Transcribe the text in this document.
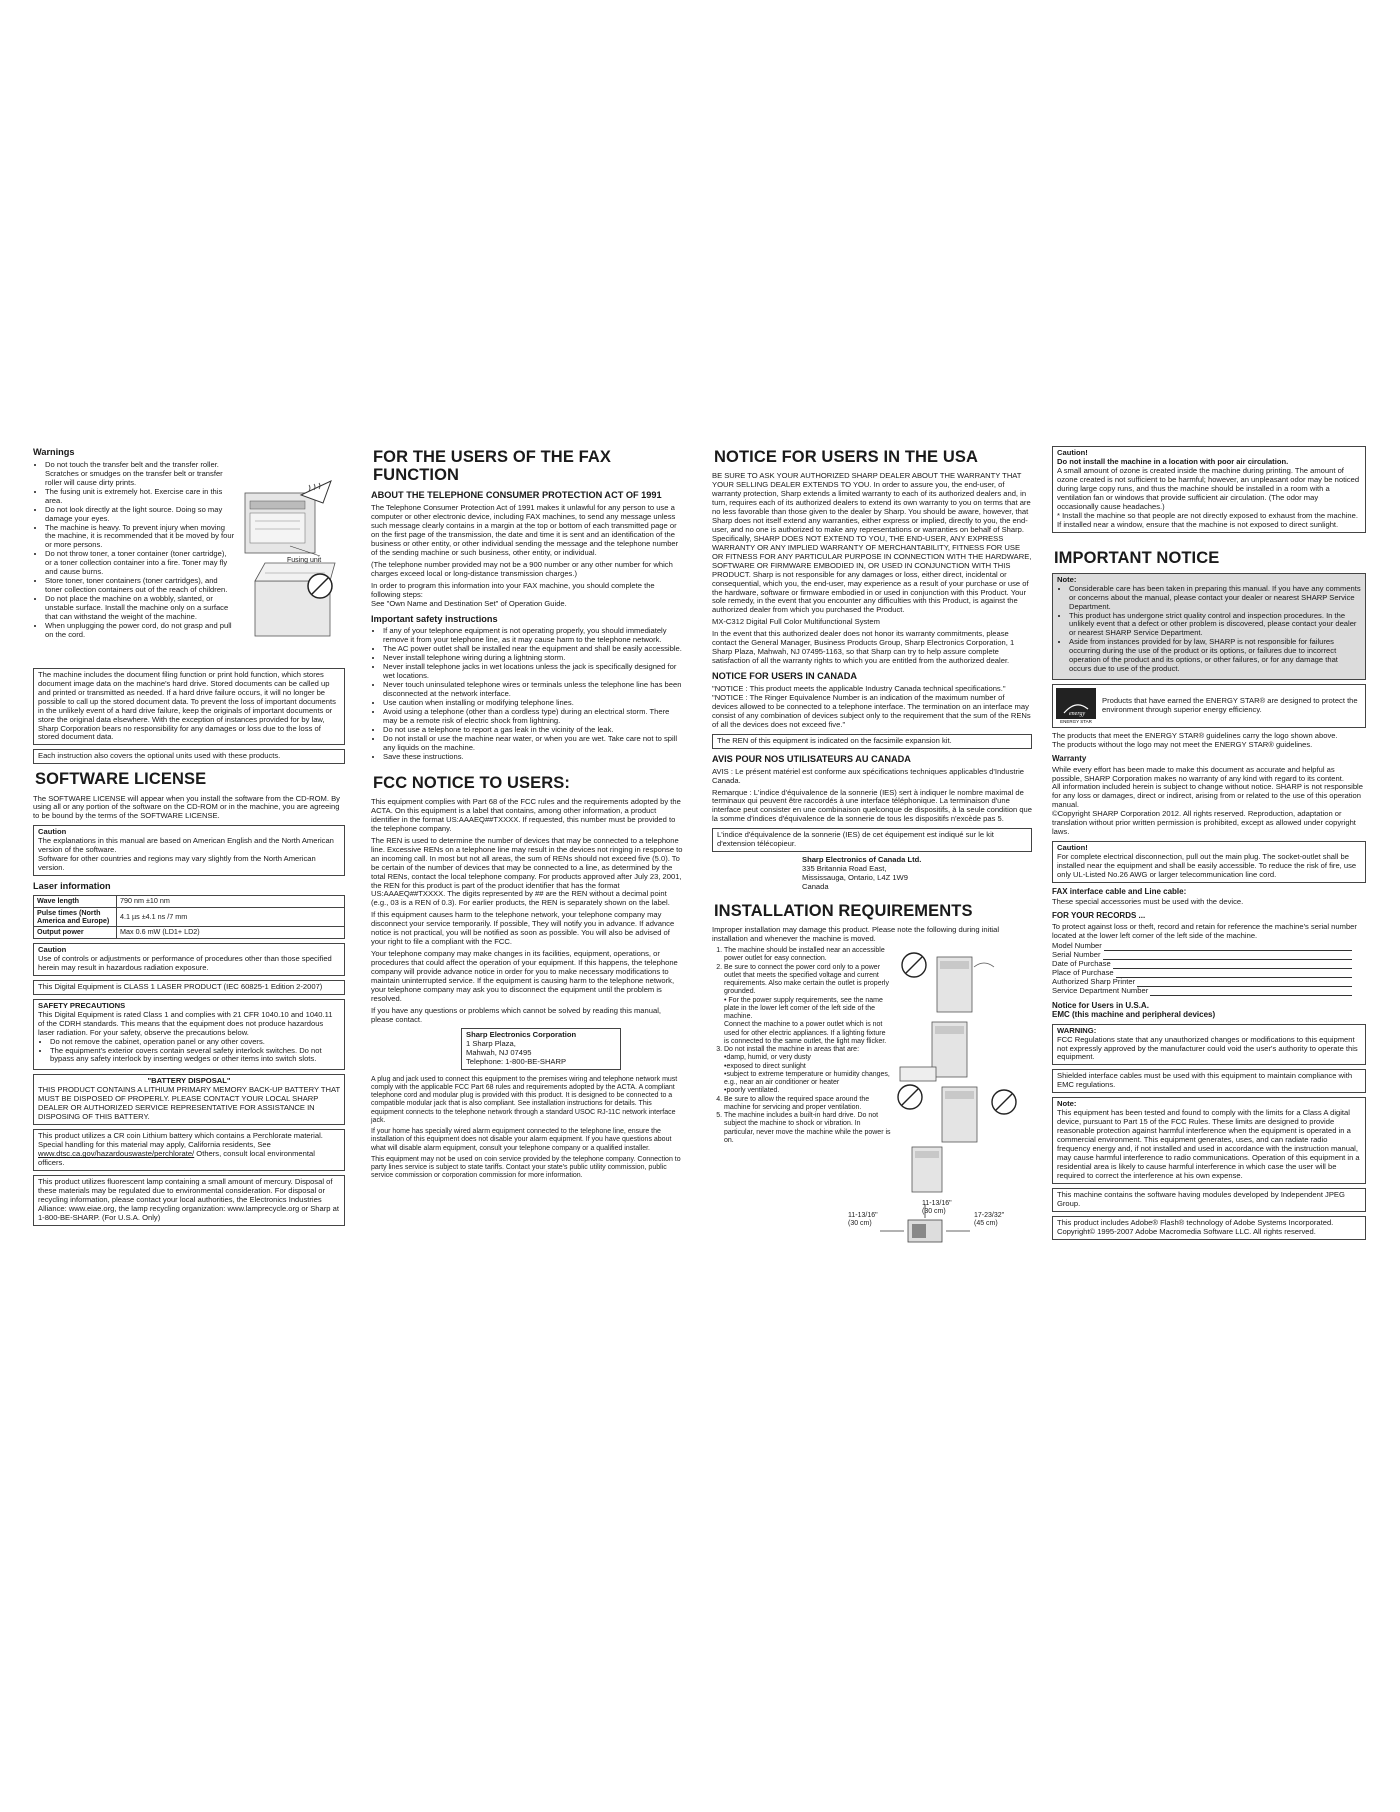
Warnings
• Do not touch the transfer belt and the transfer roller. Scratches or smudges on the transfer belt or transfer roller will cause dirty prints.
• The fusing unit is extremely hot. Exercise care in this area.
• Do not look directly at the light source. Doing so may damage your eyes.
• The machine is heavy. To prevent injury when moving the machine, it is recommended that it be moved by four or more persons.
• Do not throw toner, a toner container (toner cartridge), or a toner collection container into a fire. Toner may fly and cause burns.
• Store toner, toner containers (toner cartridges), and toner collection containers out of the reach of children.
• Do not place the machine on a wobbly, slanted, or unstable surface. Install the machine only on a surface that can withstand the weight of the machine.
• When unplugging the power cord, do not grasp and pull on the cord.
Fusing unit
The machine includes the document filing function or print hold function, which stores document image data on the machine's hard drive. Stored documents can be called up and printed or transmitted as needed. If a hard drive failure occurs, it will no longer be possible to call up the stored document data. To prevent the loss of important documents in the unlikely event of a hard drive failure, keep the originals of important documents or store the original data elsewhere. With the exception of instances provided for by law, Sharp Corporation bears no responsibility for any damages or loss due to the loss of stored document data.
Each instruction also covers the optional units used with these products.
SOFTWARE LICENSE

The SOFTWARE LICENSE will appear when you install the software from the CD-ROM. By using all or any portion of the software on the CD-ROM or in the machine, you are agreeing to be bound by the terms of the SOFTWARE LICENSE.

Caution
The explanations in this manual are based on American English and the North American version of the software.
Software for other countries and regions may vary slightly from the North American version.
Laser information
Wave length	790 nm ±10 nm
Pulse times (North America and Europe)	4.1 µs ±4.1 ns /7 mm
Output power	Max 0.6 mW (LD1+ LD2)
Caution
Use of controls or adjustments or performance of procedures other than those specified herein may result in hazardous radiation exposure.
This Digital Equipment is CLASS 1 LASER PRODUCT (IEC 60825-1 Edition 2-2007)
SAFETY PRECAUTIONS
This Digital Equipment is rated Class 1 and complies with 21 CFR 1040.10 and 1040.11 of the CDRH standards. This means that the equipment does not produce hazardous laser radiation. For your safety, observe the precautions below.
• Do not remove the cabinet, operation panel or any other covers.
• The equipment's exterior covers contain several safety interlock switches. Do not bypass any safety interlock by inserting wedges or other items into switch slots.
"BATTERY DISPOSAL"
THIS PRODUCT CONTAINS A LITHIUM PRIMARY MEMORY BACK-UP BATTERY THAT MUST BE DISPOSED OF PROPERLY. PLEASE CONTACT YOUR LOCAL SHARP DEALER OR AUTHORIZED SERVICE REPRESENTATIVE FOR ASSISTANCE IN DISPOSING OF THIS BATTERY.
This product utilizes a CR coin Lithium battery which contains a Perchlorate material. Special handling for this material may apply, California residents, See www.dtsc.ca.gov/hazardouswaste/perchlorate/ Others, consult local environmental officers.
This product utilizes fluorescent lamp containing a small amount of mercury. Disposal of these materials may be regulated due to environmental consideration. For disposal or recycling information, please contact your local authorities, the Electronics Industries Alliance: www.eiae.org, the lamp recycling organization: www.lamprecycle.org or Sharp at 1-800-BE-SHARP. (For U.S.A. Only)
FOR THE USERS OF THE FAX FUNCTION
ABOUT THE TELEPHONE CONSUMER PROTECTION ACT OF 1991

The Telephone Consumer Protection Act of 1991 makes it unlawful for any person to use a computer or other electronic device, including FAX machines, to send any message unless such message clearly contains in a margin at the top or bottom of each transmitted page or on the first page of the transmission, the date and time it is sent and an identification of the business or other entity, or other individual sending the message and the telephone number of the sending machine or such business, other entity, or individual.

(The telephone number provided may not be a 900 number or any other number for which charges exceed local or long-distance transmission charges.)

In order to program this information into your FAX machine, you should complete the following steps:

See "Own Name and Destination Set" of Operation Guide.

Important safety instructions
• If any of your telephone equipment is not operating properly, you should immediately remove it from your telephone line, as it may cause harm to the telephone network.
• The AC power outlet shall be installed near the equipment and shall be easily accessible.
• Never install telephone wiring during a lightning storm.
• Never install telephone jacks in wet locations unless the jack is specifically designed for wet locations.
• Never touch uninsulated telephone wires or terminals unless the telephone line has been disconnected at the network interface.
• Use caution when installing or modifying telephone lines.
• Avoid using a telephone (other than a cordless type) during an electrical storm. There may be a remote risk of electric shock from lightning.
• Do not use a telephone to report a gas leak in the vicinity of the leak.
• Do not install or use the machine near water, or when you are wet. Take care not to spill any liquids on the machine.
• Save these instructions.
FCC NOTICE TO USERS:

This equipment complies with Part 68 of the FCC rules and the requirements adopted by the ACTA. On this equipment is a label that contains, among other information, a product identifier in the format US:AAAEQ##TXXXX. If requested, this number must be provided to the telephone company.

The REN is used to determine the number of devices that may be connected to a telephone line. Excessive RENs on a telephone line may result in the devices not ringing in response to an incoming call. In most but not all areas, the sum of RENs should not exceed five (5.0). To be certain of the number of devices that may be connected to a line, as determined by the total RENs, contact the local telephone company. For products approved after July 23, 2001, the REN for this product is part of the product identifier that has the format US:AAAEQ##TXXXX. The digits represented by ## are the REN without a decimal point (e.g., 03 is a REN of 0.3). For earlier products, the REN is separately shown on the label.

If this equipment causes harm to the telephone network, your telephone company may disconnect your service temporarily. If possible, They will notify you in advance. If advance notice is not practical, you will be notified as soon as possible. You will also be advised of your right to file a compliant with the FCC.

Your telephone company may make changes in its facilities, equipment, operations, or procedures that could affect the operation of your equipment. If this happens, the telephone company will provide advance notice in order for you to make necessary modifications to maintain uninterrupted service. If the equipment is causing harm to the telephone network, your telephone company may ask you to disconnect the equipment until the problem is resolved.

If you have any questions or problems which cannot be solved by reading this manual, please contact.

Sharp Electronics Corporation
1 Sharp Plaza,
Mahwah, NJ 07495
Telephone: 1-800-BE-SHARP

A plug and jack used to connect this equipment to the premises wiring and telephone network must comply with the applicable FCC Part 68 rules and requirements adopted by the ACTA. A compliant telephone cord and modular plug is provided with this product. It is designed to be connected to a compatible modular jack that is also compliant. See installation instructions for details. This equipment connects to the telephone network through a standard USOC RJ-11C network interface jack.

If your home has specially wired alarm equipment connected to the telephone line, ensure the installation of this equipment does not disable your alarm equipment. If you have questions about what will disable alarm equipment, consult your telephone company or a qualified installer.

This equipment may not be used on coin service provided by the telephone company. Connection to party lines service is subject to state tariffs. Contact your state's public utility commission, public service commission or corporation commission for more information.

NOTICE FOR USERS IN THE USA

BE SURE TO ASK YOUR AUTHORIZED SHARP DEALER ABOUT THE WARRANTY THAT YOUR SELLING DEALER EXTENDS TO YOU. In order to assure you, the end-user, of warranty protection, Sharp extends a limited warranty to each of its authorized dealers and, in turn, requires each of its authorized dealers to extend its own warranty to you on terms that are no less favorable than those given to the dealer by Sharp. You should be aware, however, that Sharp does not itself extend any warranties, either express or implied, directly to you, the end-user, and no one is authorized to make any representations or warranties on behalf of Sharp. Specifically, SHARP DOES NOT EXTEND TO YOU, THE END-USER, ANY EXPRESS WARRANTY OR ANY IMPLIED WARRANTY OF MERCHANTABILITY, FITNESS FOR USE OR FITNESS FOR ANY PARTICULAR PURPOSE IN CONNECTION WITH THE HARDWARE, SOFTWARE OR FIRMWARE EMBODIED IN, OR USED IN CONJUNCTION WITH THIS PRODUCT. Sharp is not responsible for any damages or loss, either direct, incidental or consequential, which you, the end-user, may experience as a result of your purchase or use of the hardware, software or firmware embodied in or used in conjunction with this Product. Your sole remedy, in the event that you encounter any difficulties with this Product, is against the authorized dealer from which you purchased the Product.

MX-C312 Digital Full Color Multifunctional System

In the event that this authorized dealer does not honor its warranty commitments, please contact the General Manager, Business Products Group, Sharp Electronics Corporation, 1 Sharp Plaza, Mahwah, NJ 07495-1163, so that Sharp can try to help assure complete satisfaction of all the warranty rights to which you are entitled from the authorized dealer.

NOTICE FOR USERS IN CANADA

"NOTICE : This product meets the applicable Industry Canada technical specifications."

"NOTICE : The Ringer Equivalence Number is an indication of the maximum number of devices allowed to be connected to a telephone interface. The termination on an interface may consist of any combination of devices subject only to the requirement that the sum of the RENs of all the devices does not exceed five."

The REN of this equipment is indicated on the facsimile expansion kit.
AVIS POUR NOS UTILISATEURS AU CANADA

AVIS : Le présent matériel est conforme aux spécifications techniques applicables d'Industrie Canada.

Remarque : L'indice d'équivalence de la sonnerie (IES) sert à indiquer le nombre maximal de terminaux qui peuvent être raccordés à une interface téléphonique. La terminaison d'une interface peut consister en une combinaison quelconque de dispositifs, à la seule condition que la somme d'indices d'équivalence de la sonnerie de tous les dispositifs n'excède pas 5.

L'indice d'équivalence de la sonnerie (IES) de cet équipement est indiqué sur le kit d'extension télécopieur.
Sharp Electronics of Canada Ltd.
335 Britannia Road East,
Mississauga, Ontario, L4Z 1W9
Canada
INSTALLATION REQUIREMENTS

Improper installation may damage this product. Please note the following during initial installation and whenever the machine is moved.

1. The machine should be installed near an accessible power outlet for easy connection.
2. Be sure to connect the power cord only to a power outlet that meets the specified voltage and current requirements. Also make certain the outlet is properly grounded.
• For the power supply requirements, see the name plate in the lower left corner of the left side of the machine.
Connect the machine to a power outlet which is not used for other electric appliances. If a lighting fixture is connected to the same outlet, the light may flicker.
3. Do not install the machine in areas that are:
•damp, humid, or very dusty
•exposed to direct sunlight
•subject to extreme temperature or humidity changes, e.g., near an air conditioner or heater
•poorly ventilated.
4. Be sure to allow the required space around the machine for servicing and proper ventilation.
5. The machine includes a built-in hard drive. Do not subject the machine to shock or vibration. In particular, never move the machine while the power is on.
11-13/16"
(30 cm)
11-13/16"
(30 cm)
17-23/32"
(45 cm)
Caution!
Do not install the machine in a location with poor air circulation.
A small amount of ozone is created inside the machine during printing. The amount of ozone created is not sufficient to be harmful; however, an unpleasant odor may be noticed during large copy runs, and thus the machine should be installed in a room with a ventilation fan or windows that provide sufficient air circulation. (The odor may occasionally cause headaches.)
* Install the machine so that people are not directly exposed to exhaust from the machine. If installed near a window, ensure that the machine is not exposed to direct sunlight.
IMPORTANT NOTICE
Note:
• Considerable care has been taken in preparing this manual. If you have any comments or concerns about the manual, please contact your dealer or nearest SHARP Service Department.
• This product has undergone strict quality control and inspection procedures. In the unlikely event that a defect or other problem is discovered, please contact your dealer or nearest SHARP Service Department.
• Aside from instances provided for by law, SHARP is not responsible for failures occurring during the use of the product or its options, or failures due to incorrect operation of the product and its options, or other failures, or for any damage that occurs due to use of the product.
energy
ENERGY STAR
Products that have earned the ENERGY STAR® are designed to protect the environment through superior energy efficiency.

The products that meet the ENERGY STAR® guidelines carry the logo shown above.

The products without the logo may not meet the ENERGY STAR® guidelines.

Warranty

While every effort has been made to make this document as accurate and helpful as possible, SHARP Corporation makes no warranty of any kind with regard to its content.

All information included herein is subject to change without notice. SHARP is not responsible for any loss or damages, direct or indirect, arising from or related to the use of this operation manual.

©Copyright SHARP Corporation 2012. All rights reserved. Reproduction, adaptation or translation without prior written permission is prohibited, except as allowed under copyright laws.

Caution!
For complete electrical disconnection, pull out the main plug. The socket-outlet shall be installed near the equipment and shall be easily accessible. To reduce the risk of fire, use only UL-Listed No.26 AWG or larger telecommunication line cord.
FAX interface cable and Line cable:

These special accessories must be used with the device.

FOR YOUR RECORDS ...

To protect against loss or theft, record and retain for reference the machine's serial number located at the lower left corner of the left side of the machine.

Model Number
Serial Number
Date of Purchase
Place of Purchase
Authorized Sharp Printer
Service Department Number
Notice for Users in U.S.A.
EMC (this machine and peripheral devices)
WARNING:
FCC Regulations state that any unauthorized changes or modifications to this equipment not expressly approved by the manufacturer could void the user's authority to operate this equipment.
Shielded interface cables must be used with this equipment to maintain compliance with EMC regulations.
Note:
This equipment has been tested and found to comply with the limits for a Class A digital device, pursuant to Part 15 of the FCC Rules. These limits are designed to provide reasonable protection against harmful interference when the equipment is operated in a commercial environment. This equipment generates, uses, and can radiate radio frequency energy and, if not installed and used in accordance with the instruction manual, may cause harmful interference to radio communications. Operation of this equipment in a residential area is likely to cause harmful interference in which case the user will be required to correct the interference at his own expense.
This machine contains the software having modules developed by Independent JPEG Group.
This product includes Adobe® Flash® technology of Adobe Systems Incorporated.
Copyright© 1995-2007 Adobe Macromedia Software LLC. All rights reserved.
